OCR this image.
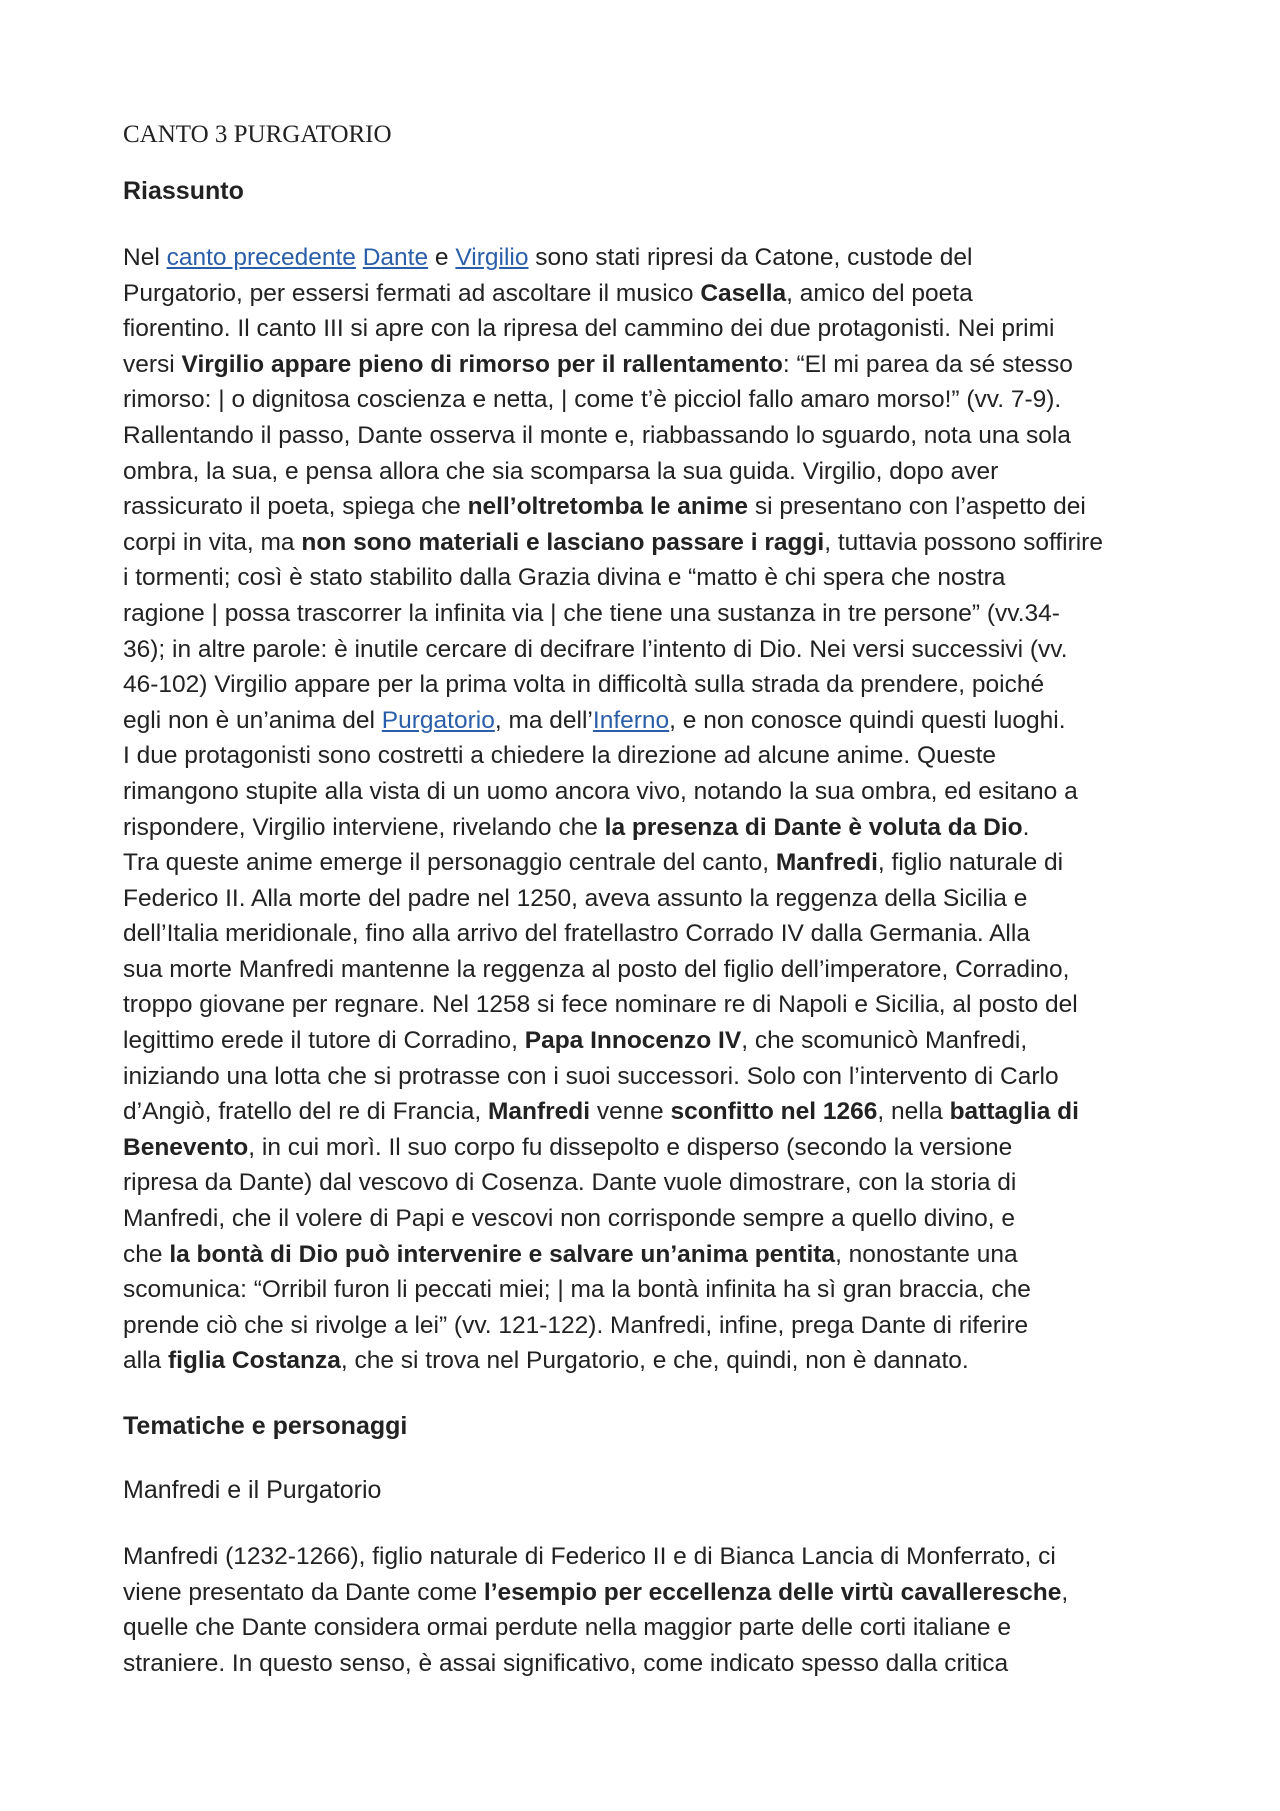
CANTO 3 PURGATORIO
Riassunto
Nel canto precedente Dante e Virgilio sono stati ripresi da Catone, custode del
Purgatorio, per essersi fermati ad ascoltare il musico Casella, amico del poeta
fiorentino. Il canto III si apre con la ripresa del cammino dei due protagonisti. Nei primi
versi Virgilio appare pieno di rimorso per il rallentamento: “El mi parea da sé stesso
rimorso: | o dignitosa coscienza e netta, | come t’è picciol fallo amaro morso!” (vv. 7-9).
Rallentando il passo, Dante osserva il monte e, riabbassando lo sguardo, nota una sola
ombra, la sua, e pensa allora che sia scomparsa la sua guida. Virgilio, dopo aver
rassicurato il poeta, spiega che nell’oltretomba le anime si presentano con l’aspetto dei
corpi in vita, ma non sono materiali e lasciano passare i raggi, tuttavia possono soffirire
i tormenti; così è stato stabilito dalla Grazia divina e “matto è chi spera che nostra
ragione | possa trascorrer la infinita via | che tiene una sustanza in tre persone” (vv.34-
36); in altre parole: è inutile cercare di decifrare l’intento di Dio. Nei versi successivi (vv.
46-102) Virgilio appare per la prima volta in difficoltà sulla strada da prendere, poiché
egli non è un’anima del Purgatorio, ma dell’Inferno, e non conosce quindi questi luoghi.
I due protagonisti sono costretti a chiedere la direzione ad alcune anime. Queste
rimangono stupite alla vista di un uomo ancora vivo, notando la sua ombra, ed esitano a
rispondere, Virgilio interviene, rivelando che la presenza di Dante è voluta da Dio.
Tra queste anime emerge il personaggio centrale del canto, Manfredi, figlio naturale di
Federico II. Alla morte del padre nel 1250, aveva assunto la reggenza della Sicilia e
dell’Italia meridionale, fino alla arrivo del fratellastro Corrado IV dalla Germania. Alla
sua morte Manfredi mantenne la reggenza al posto del figlio dell’imperatore, Corradino,
troppo giovane per regnare. Nel 1258 si fece nominare re di Napoli e Sicilia, al posto del
legittimo erede il tutore di Corradino, Papa Innocenzo IV, che scomunicò Manfredi,
iniziando una lotta che si protrasse con i suoi successori. Solo con l’intervento di Carlo
d’Angiò, fratello del re di Francia, Manfredi venne sconfitto nel 1266, nella battaglia di
Benevento, in cui morì. Il suo corpo fu dissepolto e disperso (secondo la versione
ripresa da Dante) dal vescovo di Cosenza. Dante vuole dimostrare, con la storia di
Manfredi, che il volere di Papi e vescovi non corrisponde sempre a quello divino, e
che la bontà di Dio può intervenire e salvare un’anima pentita, nonostante una
scomunica: “Orribil furon li peccati miei; | ma la bontà infinita ha sì gran braccia, che
prende ciò che si rivolge a lei” (vv. 121-122). Manfredi, infine, prega Dante di riferire
alla figlia Costanza, che si trova nel Purgatorio, e che, quindi, non è dannato.
Tematiche e personaggi
Manfredi e il Purgatorio
Manfredi (1232-1266), figlio naturale di Federico II e di Bianca Lancia di Monferrato, ci
viene presentato da Dante come l’esempio per eccellenza delle virtù cavalleresche,
quelle che Dante considera ormai perdute nella maggior parte delle corti italiane e
straniere. In questo senso, è assai significativo, come indicato spesso dalla critica
